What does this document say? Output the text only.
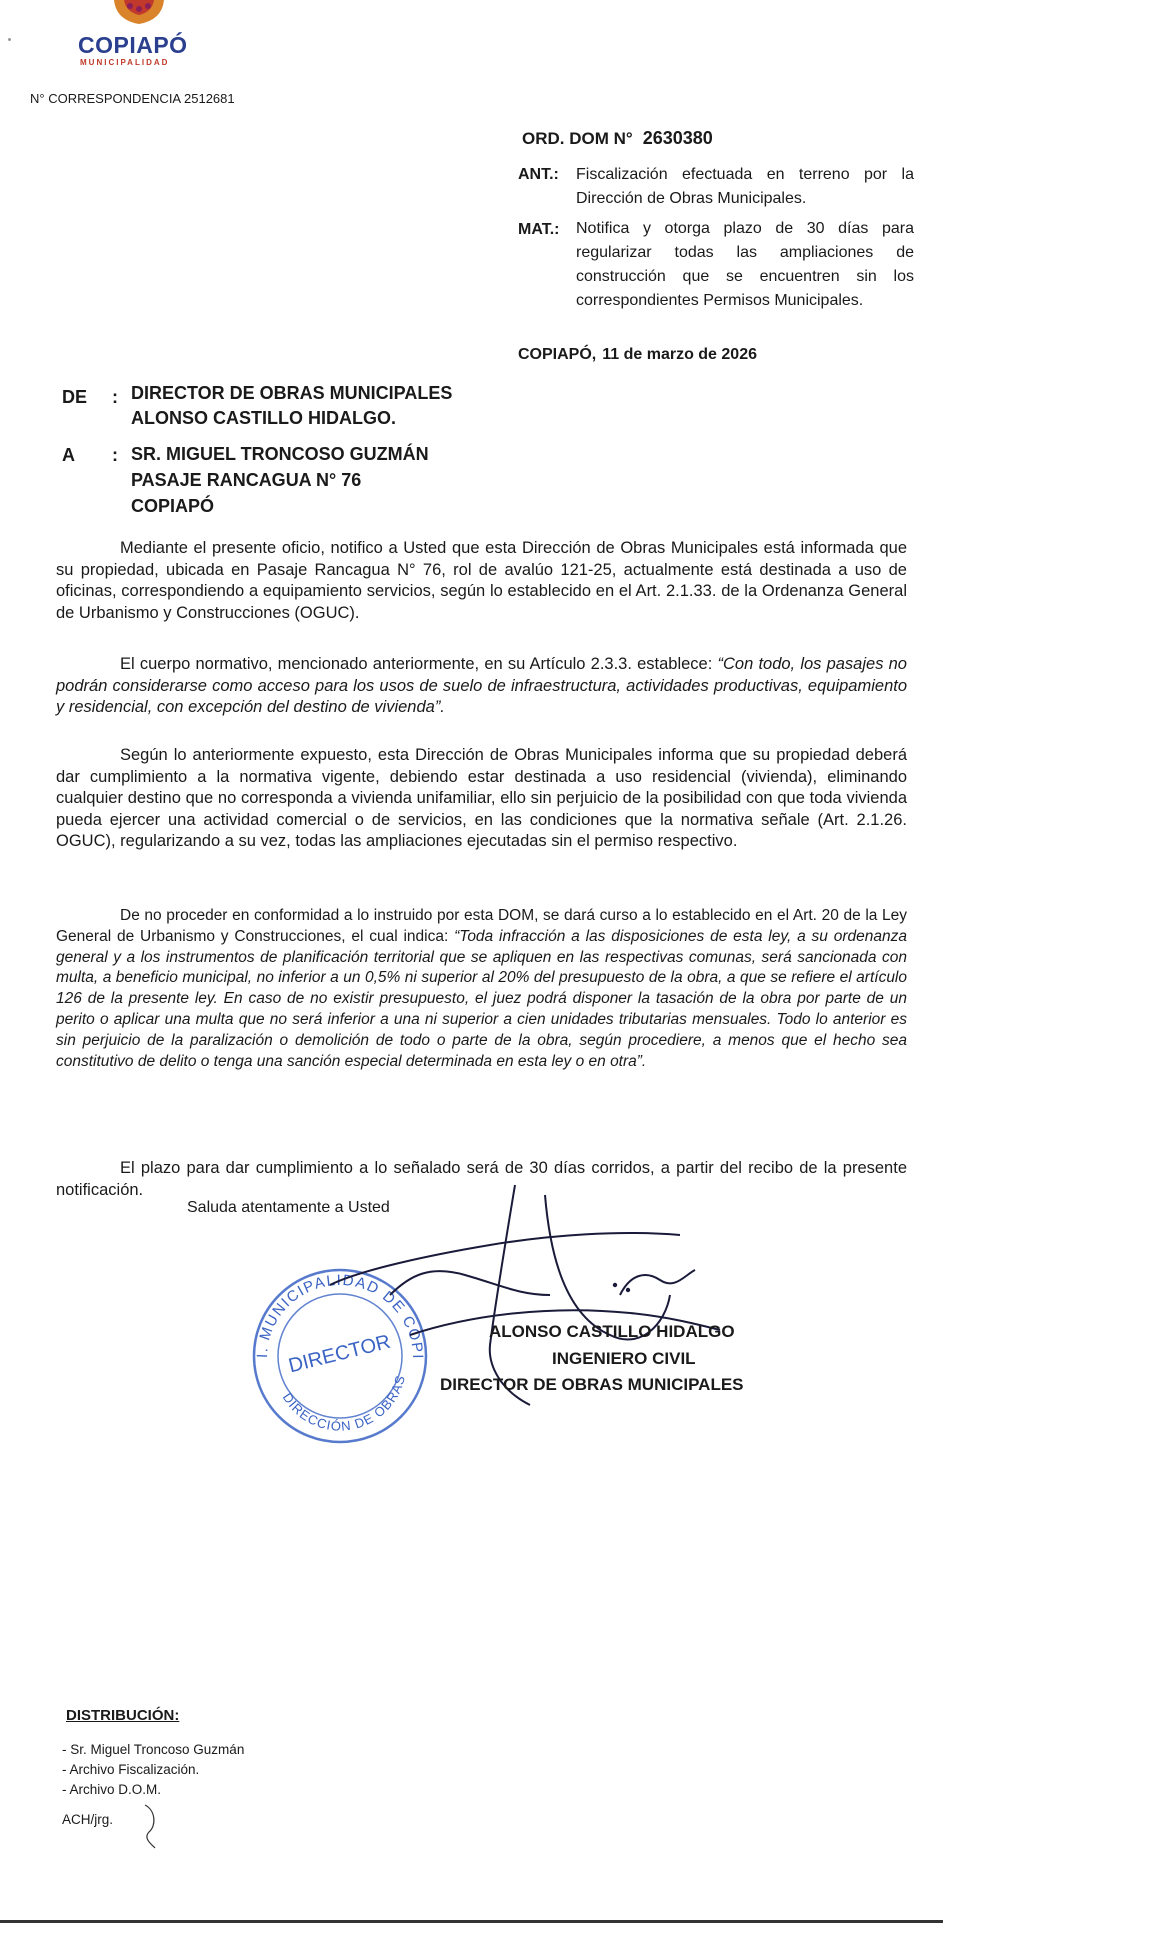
COPIAPÓ
MUNICIPALIDAD
N° CORRESPONDENCIA 2512681
ORD. DOM N° 2630380
ANT.: Fiscalización efectuada en terreno por la Dirección de Obras Municipales.
MAT.: Notifica y otorga plazo de 30 días para regularizar todas las ampliaciones de construcción que se encuentren sin los correspondientes Permisos Municipales.
COPIAPÓ, 11 de marzo de 2026
DE : DIRECTOR DE OBRAS MUNICIPALES
ALONSO CASTILLO HIDALGO.
A : SR. MIGUEL TRONCOSO GUZMÁN
PASAJE RANCAGUA N° 76
COPIAPÓ
Mediante el presente oficio, notifico a Usted que esta Dirección de Obras Municipales está informada que su propiedad, ubicada en Pasaje Rancagua N° 76, rol de avalúo 121-25, actualmente está destinada a uso de oficinas, correspondiendo a equipamiento servicios, según lo establecido en el Art. 2.1.33. de la Ordenanza General de Urbanismo y Construcciones (OGUC).
El cuerpo normativo, mencionado anteriormente, en su Artículo 2.3.3. establece: “Con todo, los pasajes no podrán considerarse como acceso para los usos de suelo de infraestructura, actividades productivas, equipamiento y residencial, con excepción del destino de vivienda”.
Según lo anteriormente expuesto, esta Dirección de Obras Municipales informa que su propiedad deberá dar cumplimiento a la normativa vigente, debiendo estar destinada a uso residencial (vivienda), eliminando cualquier destino que no corresponda a vivienda unifamiliar, ello sin perjuicio de la posibilidad con que toda vivienda pueda ejercer una actividad comercial o de servicios, en las condiciones que la normativa señale (Art. 2.1.26. OGUC), regularizando a su vez, todas las ampliaciones ejecutadas sin el permiso respectivo.
De no proceder en conformidad a lo instruido por esta DOM, se dará curso a lo establecido en el Art. 20 de la Ley General de Urbanismo y Construcciones, el cual indica: “Toda infracción a las disposiciones de esta ley, a su ordenanza general y a los instrumentos de planificación territorial que se apliquen en las respectivas comunas, será sancionada con multa, a beneficio municipal, no inferior a un 0,5% ni superior al 20% del presupuesto de la obra, a que se refiere el artículo 126 de la presente ley. En caso de no existir presupuesto, el juez podrá disponer la tasación de la obra por parte de un perito o aplicar una multa que no será inferior a una ni superior a cien unidades tributarias mensuales. Todo lo anterior es sin perjuicio de la paralización o demolición de todo o parte de la obra, según procediere, a menos que el hecho sea constitutivo de delito o tenga una sanción especial determinada en esta ley o en otra”.
El plazo para dar cumplimiento a lo señalado será de 30 días corridos, a partir del recibo de la presente notificación.
Saluda atentamente a Usted
I. MUNICIPALIDAD DE COPIAPÓ
DIRECTOR
DIRECCIÓN DE OBRAS
ALONSO CASTILLO HIDALGO
INGENIERO CIVIL
DIRECTOR DE OBRAS MUNICIPALES
DISTRIBUCIÓN:
- Sr. Miguel Troncoso Guzmán
- Archivo Fiscalización.
- Archivo D.O.M.
ACH/jrg.
